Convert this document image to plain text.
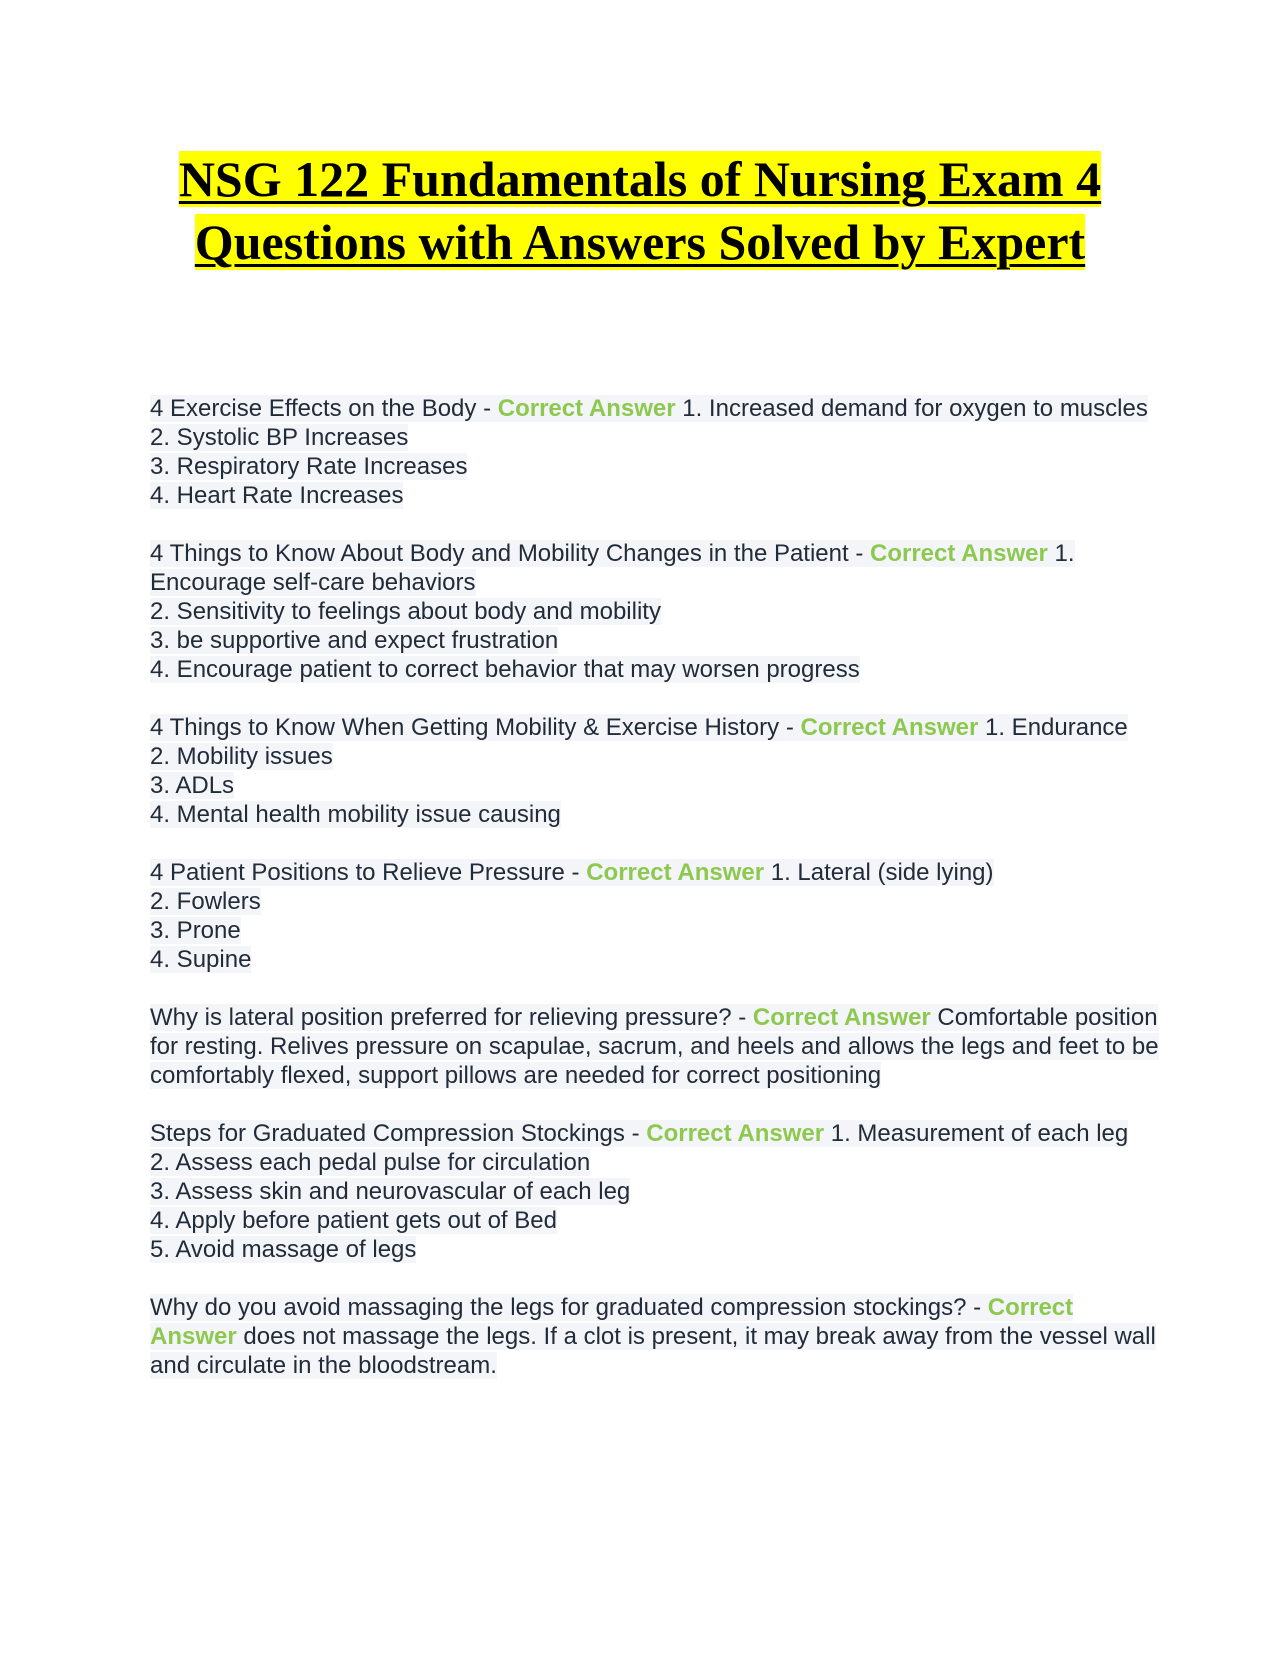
NSG 122 Fundamentals of Nursing Exam 4 Questions with Answers Solved by Expert

4 Exercise Effects on the Body - Correct Answer 1. Increased demand for oxygen to muscles

2. Systolic BP Increases

3. Respiratory Rate Increases

4. Heart Rate Increases

4 Things to Know About Body and Mobility Changes in the Patient - Correct Answer 1. Encourage self-care behaviors

2. Sensitivity to feelings about body and mobility

3. be supportive and expect frustration

4. Encourage patient to correct behavior that may worsen progress

4 Things to Know When Getting Mobility & Exercise History - Correct Answer 1. Endurance

2. Mobility issues

3. ADLs

4. Mental health mobility issue causing

4 Patient Positions to Relieve Pressure - Correct Answer 1. Lateral (side lying)

2. Fowlers

3. Prone

4. Supine

Why is lateral position preferred for relieving pressure? - Correct Answer Comfortable position for resting. Relives pressure on scapulae, sacrum, and heels and allows the legs and feet to be comfortably flexed, support pillows are needed for correct positioning

Steps for Graduated Compression Stockings - Correct Answer 1. Measurement of each leg

2. Assess each pedal pulse for circulation

3. Assess skin and neurovascular of each leg

4. Apply before patient gets out of Bed

5. Avoid massage of legs

Why do you avoid massaging the legs for graduated compression stockings? - Correct Answer does not massage the legs. If a clot is present, it may break away from the vessel wall and circulate in the bloodstream.
